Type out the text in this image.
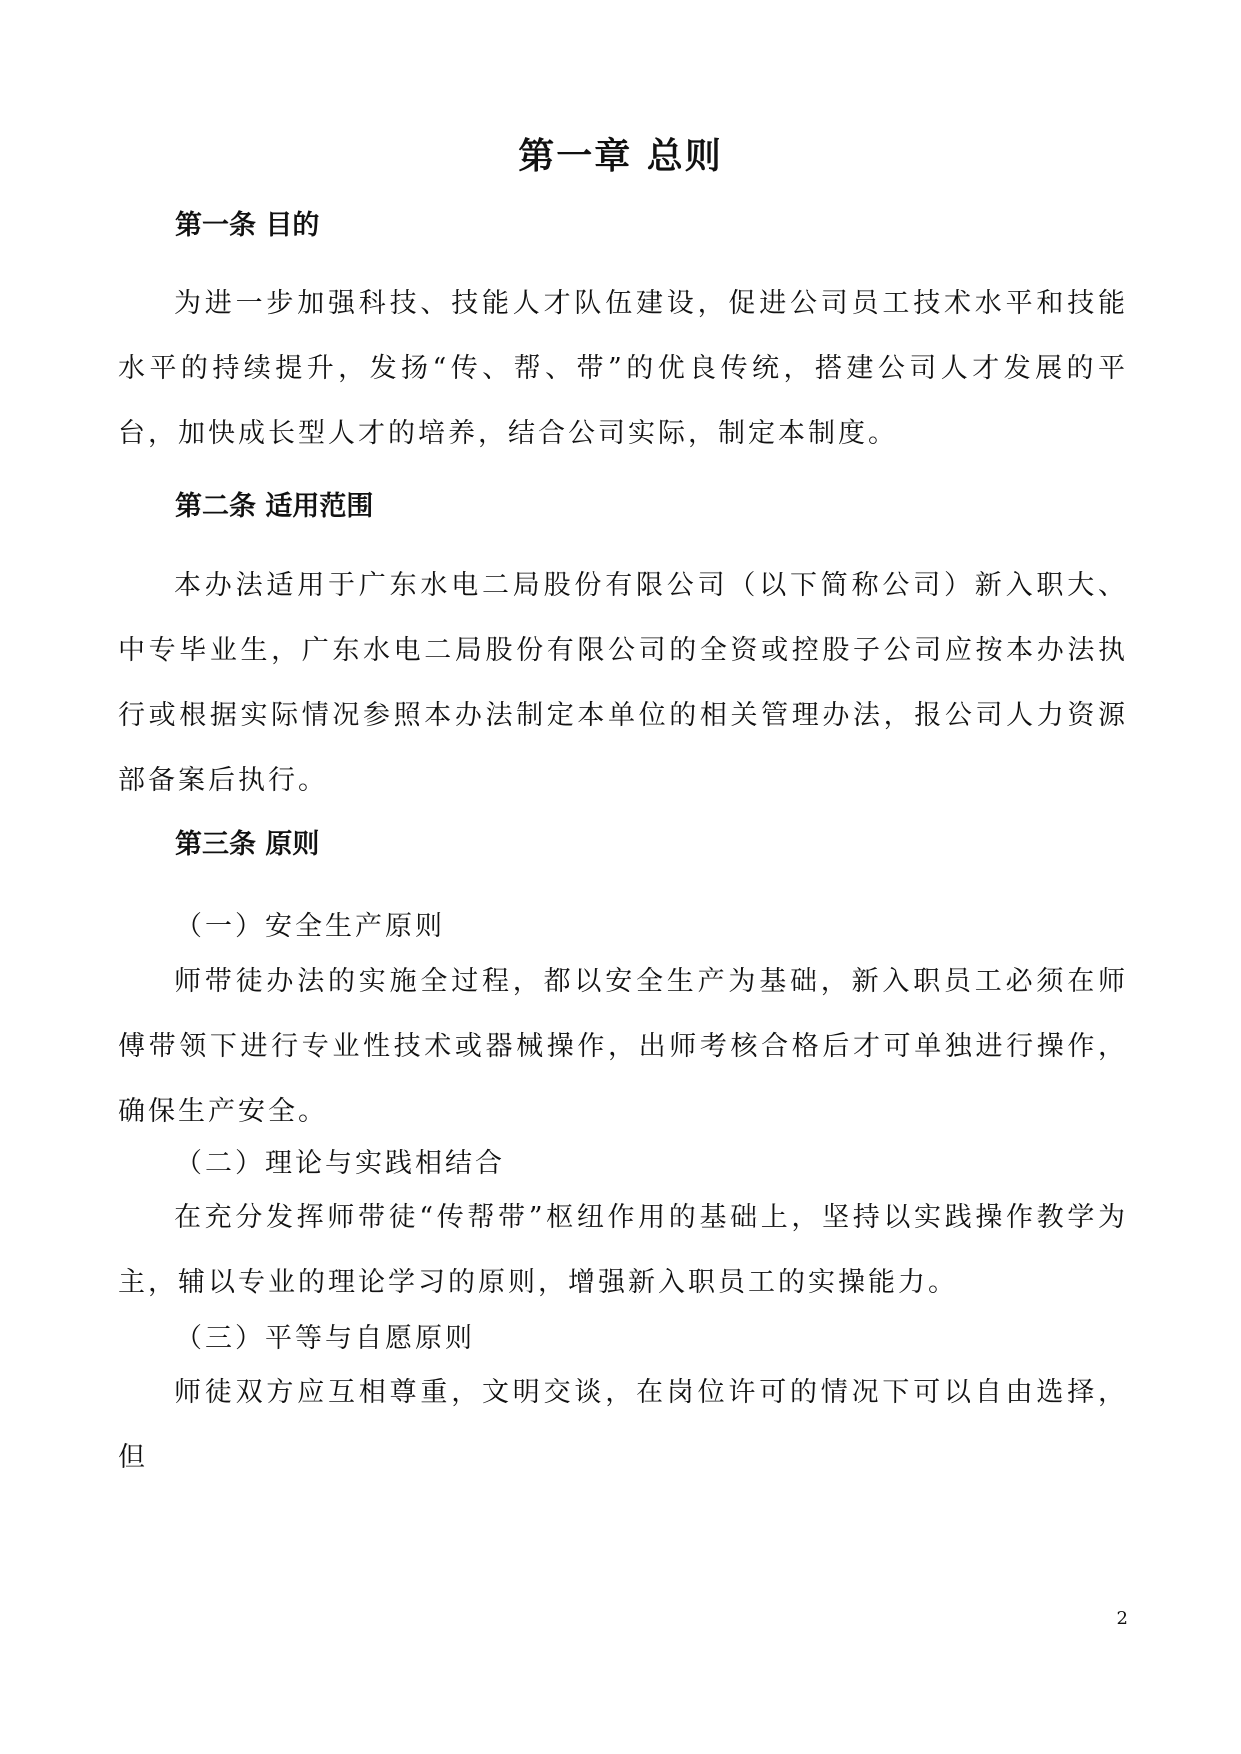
第一章 总则
第一条 目的

为进一步加强科技、技能人才队伍建设，促进公司员工技术水平和技能水平的持续提升，发扬“传、帮、带”的优良传统，搭建公司人才发展的平台，加快成长型人才的培养，结合公司实际，制定本制度。

第二条 适用范围

本办法适用于广东水电二局股份有限公司（以下简称公司）新入职大、中专毕业生，广东水电二局股份有限公司的全资或控股子公司应按本办法执行或根据实际情况参照本办法制定本单位的相关管理办法，报公司人力资源部备案后执行。

第三条 原则

（一）安全生产原则

师带徒办法的实施全过程，都以安全生产为基础，新入职员工必须在师傅带领下进行专业性技术或器械操作，出师考核合格后才可单独进行操作，确保生产安全。

（二）理论与实践相结合

在充分发挥师带徒“传帮带”枢纽作用的基础上，坚持以实践操作教学为主，辅以专业的理论学习的原则，增强新入职员工的实操能力。

（三）平等与自愿原则

师徒双方应互相尊重，文明交谈，在岗位许可的情况下可以自由选择，但

2
